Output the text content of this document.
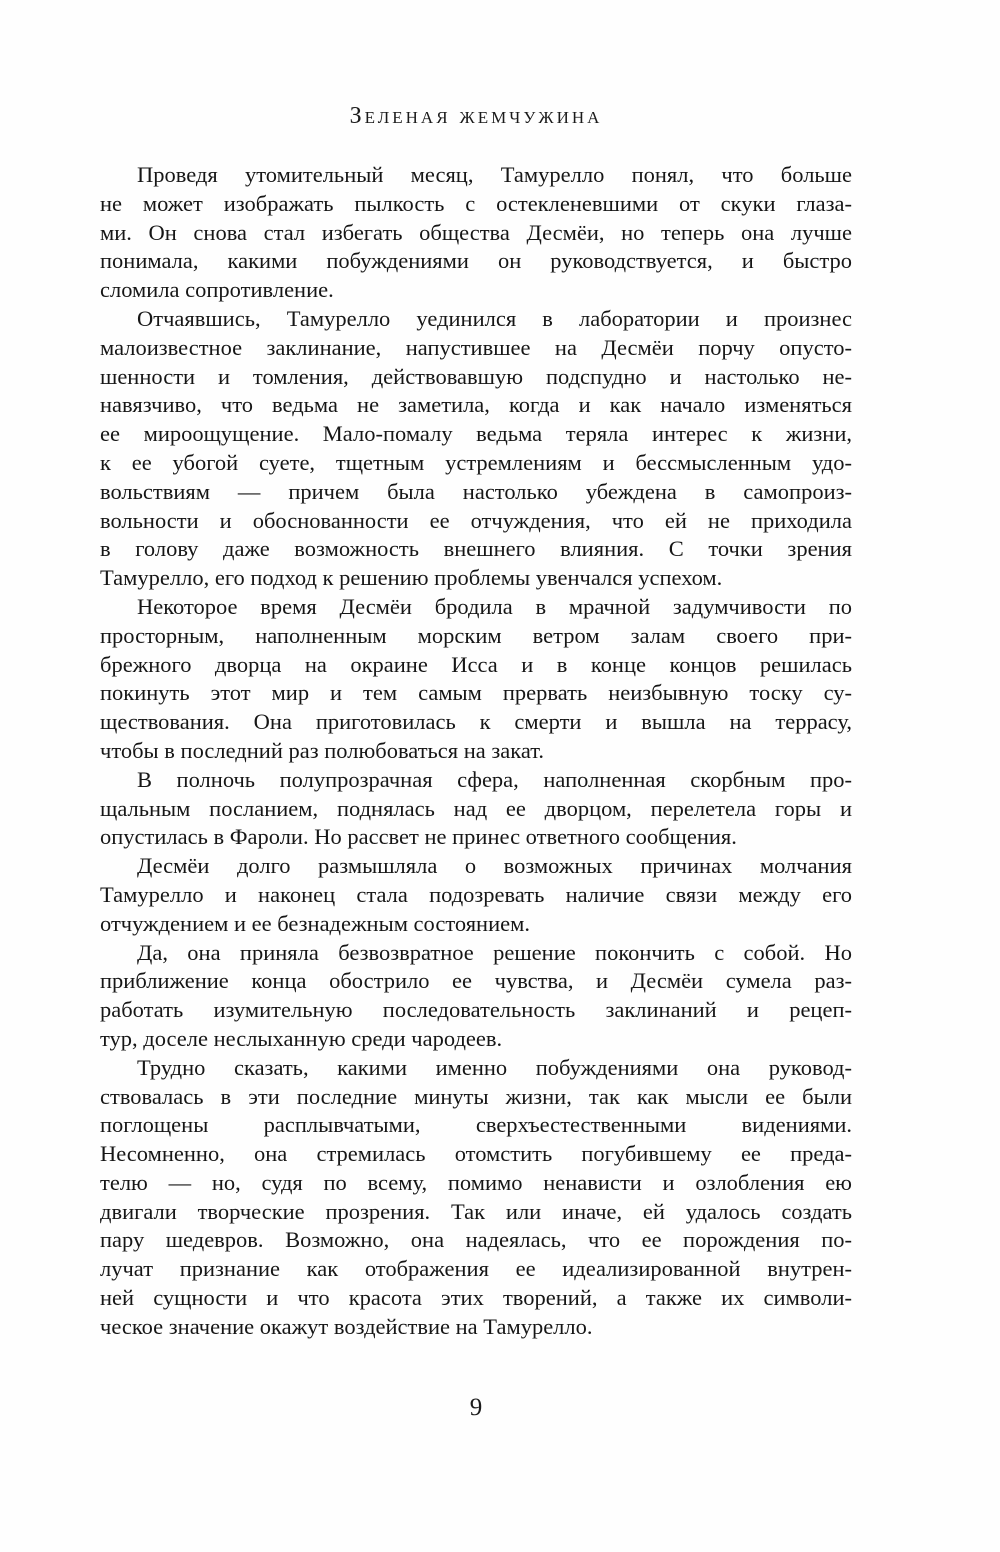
Зеленая жемчужина
Проведя утомительный месяц, Тамурелло понял, что больше
не может изображать пылкость с остекленевшими от скуки глаза-
ми. Он снова стал избегать общества Десмёи, но теперь она лучше
понимала, какими побуждениями он руководствуется, и быстро
сломила сопротивление.
Отчаявшись, Тамурелло уединился в лаборатории и произнес
малоизвестное заклинание, напустившее на Десмёи порчу опусто-
шенности и томления, действовавшую подспудно и настолько не-
навязчиво, что ведьма не заметила, когда и как начало изменяться
ее мироощущение. Мало-помалу ведьма теряла интерес к жизни,
к ее убогой суете, тщетным устремлениям и бессмысленным удо-
вольствиям — причем была настолько убеждена в самопроиз-
вольности и обоснованности ее отчуждения, что ей не приходила
в голову даже возможность внешнего влияния. С точки зрения
Тамурелло, его подход к решению проблемы увенчался успехом.
Некоторое время Десмёи бродила в мрачной задумчивости по
просторным, наполненным морским ветром залам своего при-
брежного дворца на окраине Исса и в конце концов решилась
покинуть этот мир и тем самым прервать неизбывную тоску су-
ществования. Она приготовилась к смерти и вышла на террасу,
чтобы в последний раз полюбоваться на закат.
В полночь полупрозрачная сфера, наполненная скорбным про-
щальным посланием, поднялась над ее дворцом, перелетела горы и
опустилась в Фароли. Но рассвет не принес ответного сообщения.
Десмёи долго размышляла о возможных причинах молчания
Тамурелло и наконец стала подозревать наличие связи между его
отчуждением и ее безнадежным состоянием.
Да, она приняла безвозвратное решение покончить с собой. Но
приближение конца обострило ее чувства, и Десмёи сумела раз-
работать изумительную последовательность заклинаний и рецеп-
тур, доселе неслыханную среди чародеев.
Трудно сказать, какими именно побуждениями она руковод-
ствовалась в эти последние минуты жизни, так как мысли ее были
поглощены расплывчатыми, сверхъестественными видениями.
Несомненно, она стремилась отомстить погубившему ее преда-
телю — но, судя по всему, помимо ненависти и озлобления ею
двигали творческие прозрения. Так или иначе, ей удалось создать
пару шедевров. Возможно, она надеялась, что ее порождения по-
лучат признание как отображения ее идеализированной внутрен-
ней сущности и что красота этих творений, а также их символи-
ческое значение окажут воздействие на Тамурелло.
9
